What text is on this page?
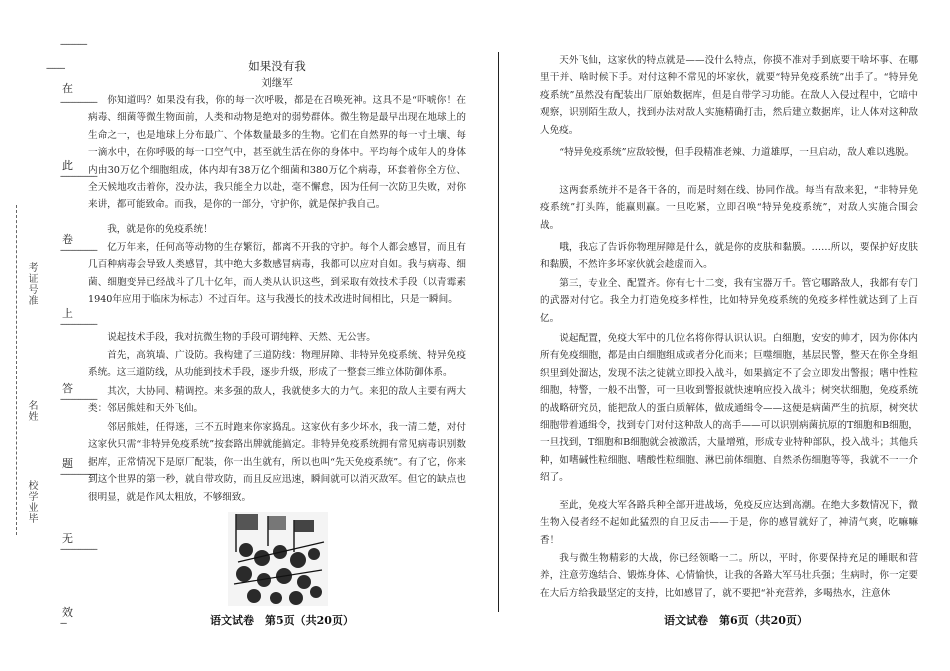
-------------
---------
在
------------------
此
------------------
卷
------------------
上
------------------
答
------------------
题
------------------
无
------------------
效
---
考证号准
名姓
校学业毕
如果没有我
刘继军
你知道吗？如果没有我，你的每一次呼吸，都是在召唤死神。这具不是“吓唬你！在病毒、细菌等微生物面前，人类和动物是绝对的弱势群体。微生物是最早出现在地球上的生命之一，也是地球上分布最广、个体数量最多的生物。它们在自然界的每一寸土壤、每一滴水中，在你呼吸的每一口空气中，甚至就生活在你的身体中。平均每个成年人的身体内由30万亿个细胞组成，体内却有38万亿个细菌和380万亿个病毒，环套着你全方位、全天候地攻击着你，没办法，我只能全力以赴，毫不懈怠，因为任何一次防卫失败，对你来讲，都可能致命。而我，是你的一部分，守护你，就是保护我自己。
我，就是你的免疫系统！
亿万年来，任何高等动物的生存繁衍，都离不开我的守护。每个人都会感冒，而且有几百种病毒会导致人类感冒，其中绝大多数感冒病毒，我都可以应对自如。我与病毒、细菌、细胞变异已经战斗了几十亿年，而人类从认识这些，到采取有效技术手段（以青霉素1940年应用于临床为标志）不过百年。这与我漫长的技术改进时间相比，只是一瞬间。
说起技术手段，我对抗微生物的手段可谓纯粹、天然、无公害。
首先，高筑墙、广设防。我构建了三道防线：物理屏障、非特异免疫系统、特异免疫系统。这三道防线，从功能到技术手段，逐步升级，形成了一整套三维立体防御体系。
其次，大协同、精调控。来多强的敌人，我就使多大的力气。来犯的敌人主要有两大类：邻居熊娃和天外飞仙。
邻居熊娃，任得迷，三不五时跑来你家捣乱。这家伙有多少坏水，我一清二楚，对付这家伙只需“非特异免疫系统”按套路出牌就能搞定。非特异免疫系统拥有常见病毒识别数据库，正常情况下是原厂配装，你一出生就有，所以也叫“先天免疫系统”。有了它，你来到这个世界的第一秒，就自带攻防，而且反应迅速，瞬间就可以消灭敌军。但它的缺点也很明显，就是作风太粗放，不够细致。
语文试卷　第5页（共20页）
天外飞仙，这家伙的特点就是——没什么特点，你摸不准对手到底要干啥坏事、在哪里干并、啥时候下手。对付这种不常见的坏家伙，就要“特异免疫系统”出手了。“特异免疫系统”虽然没有配装出厂原始数据库，但是自带学习功能。在敌人入侵过程中，它暗中观察，识别陌生敌人，找到办法对敌人实施精确打击，然后建立数据库，让人体对这种敌人免疫。
“特异免疫系统”应敌较慢，但手段精准老辣、力道雄厚，一旦启动，敌人难以逃脱。
这两套系统并不是各干各的，而是时刻在线、协同作战。每当有敌来犯，“非特异免疫系统”打头阵，能赢则赢。一旦吃紧，立即召唤“特异免疫系统”，对敌人实施合围会战。
哦，我忘了告诉你物理屏障是什么，就是你的皮肤和黏膜。……所以，要保护好皮肤和黏膜，不然许多坏家伙就会趁虚而入。
第三，专业全、配置齐。你有七十二变，我有宝器万千。管它哪路敌人，我都有专门的武器对付它。我全力打造免疫多样性，比如特异免疫系统的免疫多样性就达到了上百亿。
说起配置，免疫大军中的几位名将你得认识认识。白细胞，安安的帅才，因为你体内所有免疫细胞，都是由白细胞组成或者分化而来；巨噬细胞，基层民警，整天在你全身组织里到处溜达，发现不法之徒就立即投入战斗，如果搞定不了会立即发出警报；嗜中性粒细胞，特警，一般不出警，可一旦收到警报就快速响应投入战斗；树突状细胞，免疫系统的战略研究员，能把敌人的蛋白质解体，做成通缉令——这便是病菌严生的抗原，树突状细胞带着通缉令，找到专门对付这种敌人的高手——可以识别病菌抗原的T细胞和B细胞，一旦找到，T细胞和B细胞就会被激活，大量增殖，形成专业特种部队，投入战斗；其他兵种，如嗜碱性粒细胞、嗜酸性粒细胞、淋巴前体细胞、自然杀伤细胞等等，我就不一一介绍了。
至此，免疫大军各路兵种全部开进战场，免疫反应达到高潮。在绝大多数情况下，微生物入侵者经不起如此猛烈的自卫反击——于是，你的感冒就好了，神清气爽，吃嘛嘛香！
我与微生物精彩的大战，你已经领略一二。所以，平时，你要保持充足的睡眠和营养，注意劳逸结合、锻炼身体、心情愉快，让我的各路大军马壮兵强；生病时，你一定要在大后方给我最坚定的支持，比如感冒了，就不要把“补充营养，多喝热水，注意休
语文试卷　第6页（共20页）
